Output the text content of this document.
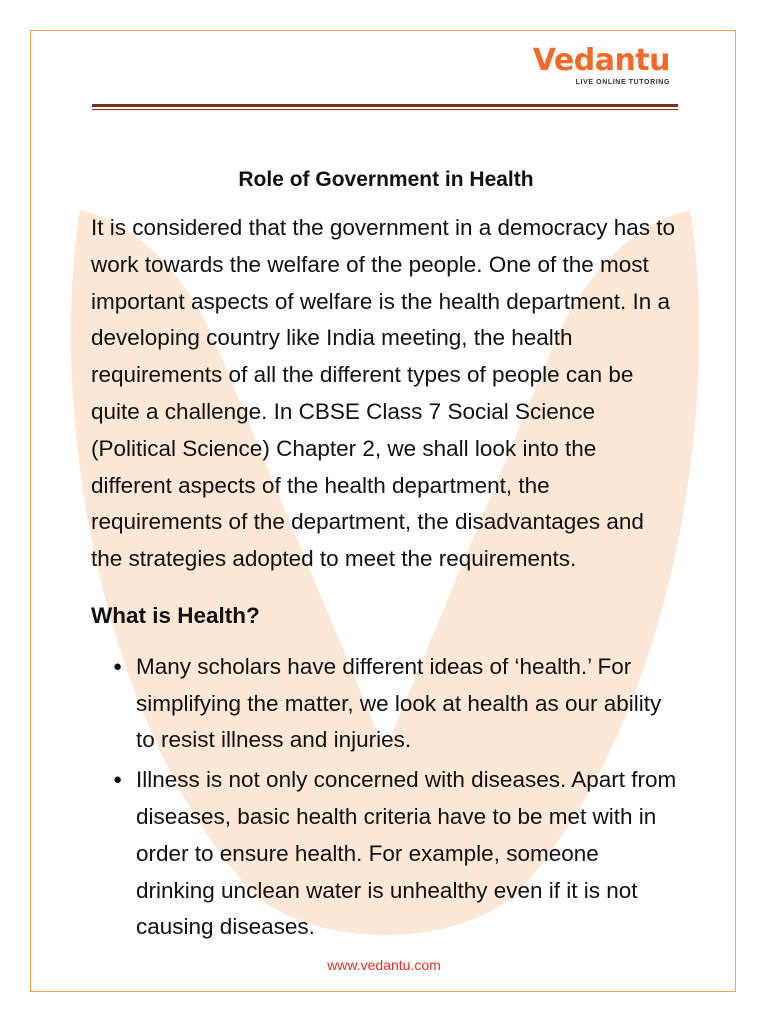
Vedantu
LIVE ONLINE TUTORING
Role of Government in Health

It is considered that the government in a democracy has to work towards the welfare of the people. One of the most important aspects of welfare is the health department. In a developing country like India meeting, the health requirements of all the different types of people can be quite a challenge. In CBSE Class 7 Social Science (Political Science) Chapter 2, we shall look into the different aspects of the health department, the requirements of the department, the disadvantages and the strategies adopted to meet the requirements.

What is Health?
● Many scholars have different ideas of ‘health.’ For simplifying the matter, we look at health as our ability to resist illness and injuries.
● Illness is not only concerned with diseases. Apart from diseases, basic health criteria have to be met with in order to ensure health. For example, someone drinking unclean water is unhealthy even if it is not causing diseases.
www.vedantu.com
